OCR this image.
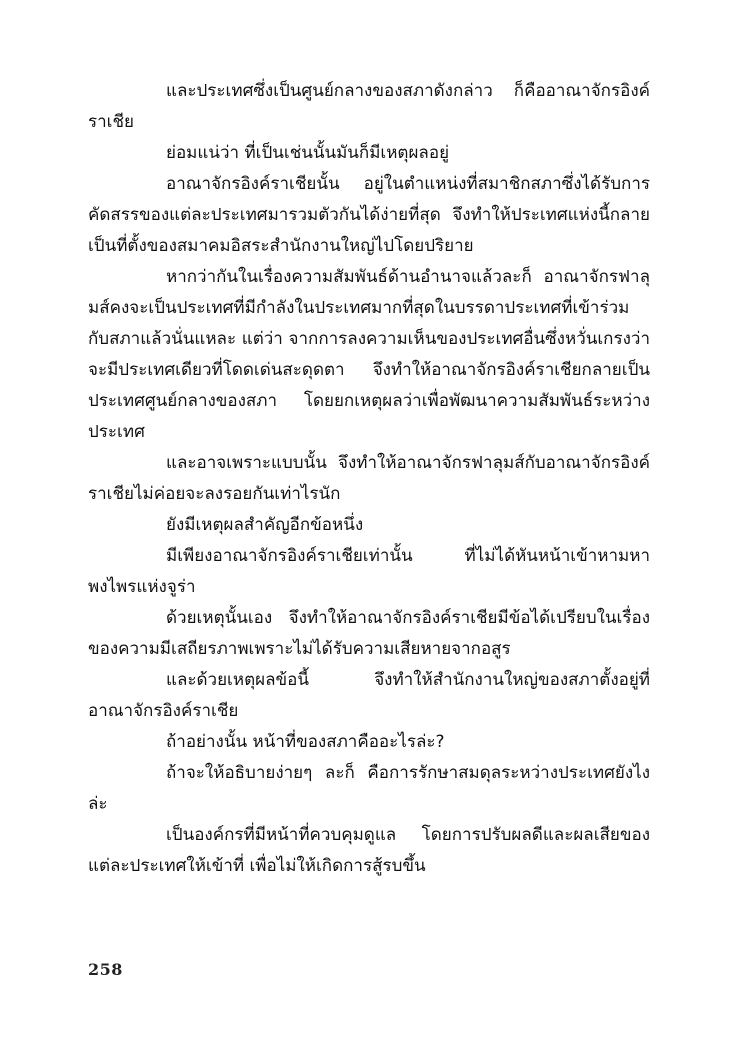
และประเทศซึ่งเป็นศูนย์กลางของสภาดังกล่าว ก็คืออาณาจักรอิงค์ราเชีย

ย่อมแน่ว่า ที่เป็นเช่นนั้นมันก็มีเหตุผลอยู่

อาณาจักรอิงค์ราเชียนั้น อยู่ในตำแหน่งที่สมาชิกสภาซึ่งได้รับการคัดสรรของแต่ละประเทศมารวมตัวกันได้ง่ายที่สุด จึงทำให้ประเทศแห่งนี้กลายเป็นที่ตั้งของสมาคมอิสระสำนักงานใหญ่ไปโดยปริยาย

หากว่ากันในเรื่องความสัมพันธ์ด้านอำนาจแล้วละก็ อาณาจักรฟาลุมส์คงจะเป็นประเทศที่มีกำลังในประเทศมากที่สุดในบรรดาประเทศที่เข้าร่วมกับสภาแล้วนั่นแหละ แต่ว่า จากการลงความเห็นของประเทศอื่นซึ่งหวั่นเกรงว่าจะมีประเทศเดียวที่โดดเด่นสะดุดตา จึงทำให้อาณาจักรอิงค์ราเชียกลายเป็นประเทศศูนย์กลางของสภา โดยยกเหตุผลว่าเพื่อพัฒนาความสัมพันธ์ระหว่างประเทศ

และอาจเพราะแบบนั้น จึงทำให้อาณาจักรฟาลุมส์กับอาณาจักรอิงค์ราเชียไม่ค่อยจะลงรอยกันเท่าไรนัก

ยังมีเหตุผลสำคัญอีกข้อหนึ่ง

มีเพียงอาณาจักรอิงค์ราเชียเท่านั้น ที่ไม่ได้หันหน้าเข้าหามหาพงไพรแห่งจูร่า

ด้วยเหตุนั้นเอง จึงทำให้อาณาจักรอิงค์ราเชียมีข้อได้เปรียบในเรื่องของความมีเสถียรภาพเพราะไม่ได้รับความเสียหายจากอสูร

และด้วยเหตุผลข้อนี้ จึงทำให้สำนักงานใหญ่ของสภาตั้งอยู่ที่อาณาจักรอิงค์ราเชีย

ถ้าอย่างนั้น หน้าที่ของสภาคืออะไรล่ะ?

ถ้าจะให้อธิบายง่ายๆ ละก็ คือการรักษาสมดุลระหว่างประเทศยังไงล่ะ

เป็นองค์กรที่มีหน้าที่ควบคุมดูแล โดยการปรับผลดีและผลเสียของแต่ละประเทศให้เข้าที่ เพื่อไม่ให้เกิดการสู้รบขึ้น

258
